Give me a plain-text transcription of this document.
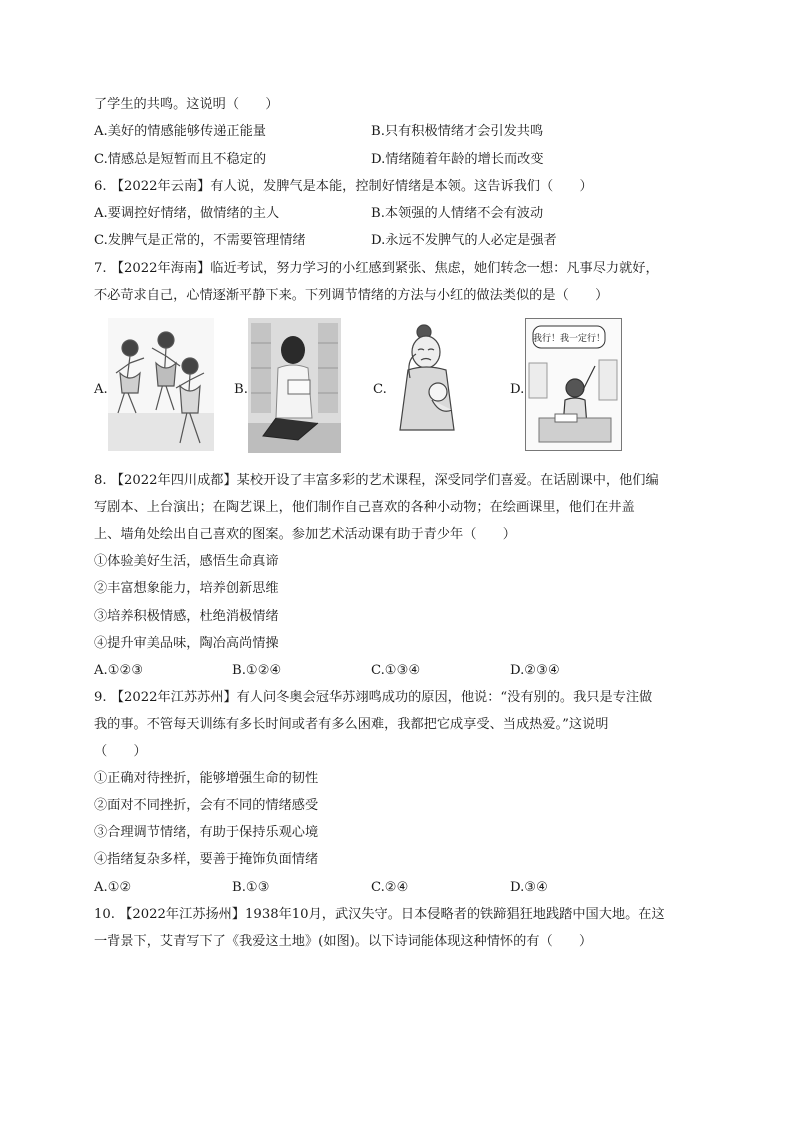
了学生的共鸣。这说明（　　）
A.美好的情感能够传递正能量	B.只有积极情绪才会引发共鸣
C.情感总是短暂而且不稳定的	D.情绪随着年龄的增长而改变
6. 【2022年云南】有人说，发脾气是本能，控制好情绪是本领。这告诉我们（　　）
A.要调控好情绪，做情绪的主人	B.本领强的人情绪不会有波动
C.发脾气是正常的，不需要管理情绪	D.永远不发脾气的人必定是强者
7. 【2022年海南】临近考试，努力学习的小红感到紧张、焦虑，她们转念一想：凡事尽力就好，
不必苛求自己，心情逐渐平静下来。下列调节情绪的方法与小红的做法类似的是（　　）
A.	B.	C.	D.
我行！我一定行！
8. 【2022年四川成都】某校开设了丰富多彩的艺术课程，深受同学们喜爱。在话剧课中，他们编
写剧本、上台演出；在陶艺课上，他们制作自己喜欢的各种小动物；在绘画课里，他们在井盖
上、墙角处绘出自己喜欢的图案。参加艺术活动课有助于青少年（　　）
①体验美好生活，感悟生命真谛
②丰富想象能力，培养创新思维
③培养积极情感，杜绝消极情绪
④提升审美品味，陶冶高尚情操
A.①②③	B.①②④	C.①③④	D.②③④
9. 【2022年江苏苏州】有人问冬奥会冠华苏翊鸣成功的原因，他说：“没有别的。我只是专注做
我的事。不管每天训练有多长时间或者有多么困难，我都把它成享受、当成热爱。”这说明
（　　）
①正确对待挫折，能够增强生命的韧性
②面对不同挫折，会有不同的情绪感受
③合理调节情绪，有助于保持乐观心境
④指绪复杂多样，要善于掩饰负面情绪
A.①②	B.①③	C.②④	D.③④
10. 【2022年江苏扬州】1938年10月，武汉失守。日本侵略者的铁蹄猖狂地践踏中国大地。在这
一背景下，艾青写下了《我爱这土地》(如图)。以下诗词能体现这种情怀的有（　　）
